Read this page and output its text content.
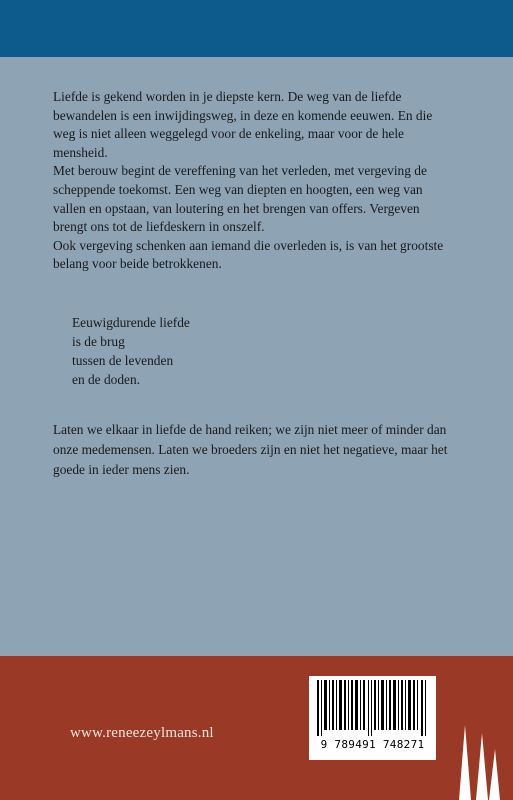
Liefde is gekend worden in je diepste kern. De weg van de liefde bewandelen is een inwijdingsweg, in deze en komende eeuwen. En die weg is niet alleen weggelegd voor de enkeling, maar voor de hele mensheid.

Met berouw begint de vereffening van het verleden, met vergeving de scheppende toekomst. Een weg van diepten en hoogten, een weg van vallen en opstaan, van loutering en het brengen van offers. Vergeven brengt ons tot de liefdeskern in onszelf.

Ook vergeving schenken aan iemand die overleden is, is van het grootste belang voor beide betrokkenen.

Eeuwigdurende liefde
is de brug
tussen de levenden
en de doden.

Laten we elkaar in liefde de hand reiken; we zijn niet meer of minder dan onze medemensen. Laten we broeders zijn en niet het negatieve, maar het goede in ieder mens zien.

www.reneezeylmans.nl
9 789491 748271
